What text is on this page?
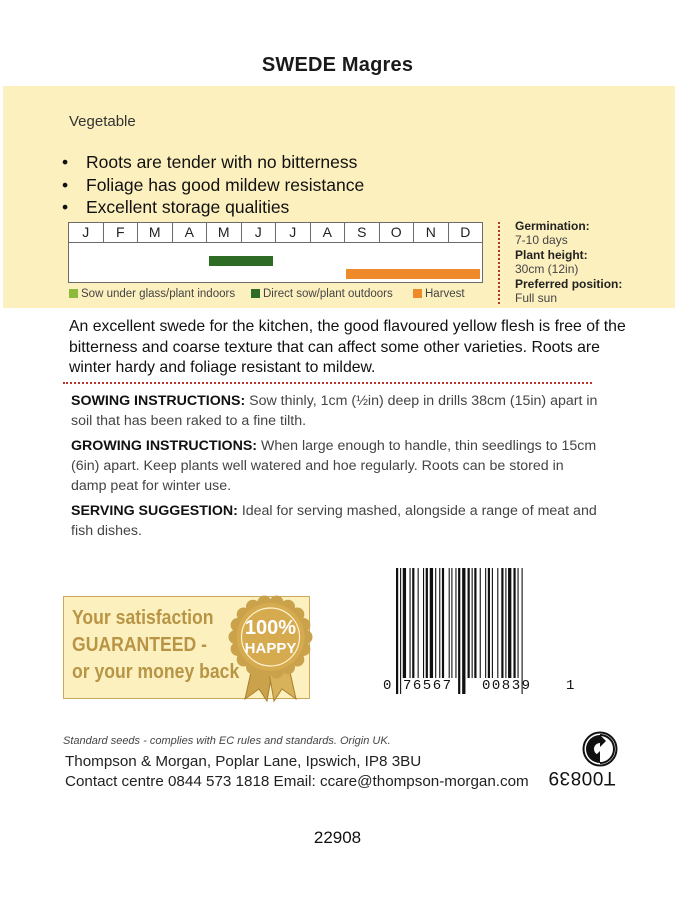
SWEDE Magres
Vegetable
• Roots are tender with no bitterness
• Foliage has good mildew resistance
• Excellent storage qualities
J	F	M	A	M	J	J	A	S	O	N	D
Sow under glass/plant indoors	Direct sow/plant outdoors	Harvest
Germination:
7-10 days
Plant height:
30cm (12in)
Preferred position:
Full sun
An excellent swede for the kitchen, the good flavoured yellow flesh is free of the bitterness and coarse texture that can affect some other varieties. Roots are winter hardy and foliage resistant to mildew.
SOWING INSTRUCTIONS: Sow thinly, 1cm (½in) deep in drills 38cm (15in) apart in soil that has been raked to a fine tilth.
GROWING INSTRUCTIONS: When large enough to handle, thin seedlings to 15cm (6in) apart. Keep plants well watered and hoe regularly. Roots can be stored in damp peat for winter use.
SERVING SUGGESTION: Ideal for serving mashed, alongside a range of meat and fish dishes.
Your satisfaction
GUARANTEED -
or your money back
100%
HAPPY
0 76567 00839 1
Standard seeds - complies with EC rules and standards. Origin UK.
Thompson & Morgan, Poplar Lane, Ipswich, IP8 3BU
Contact centre 0844 573 1818 Email: ccare@thompson-morgan.com T00839
22908
